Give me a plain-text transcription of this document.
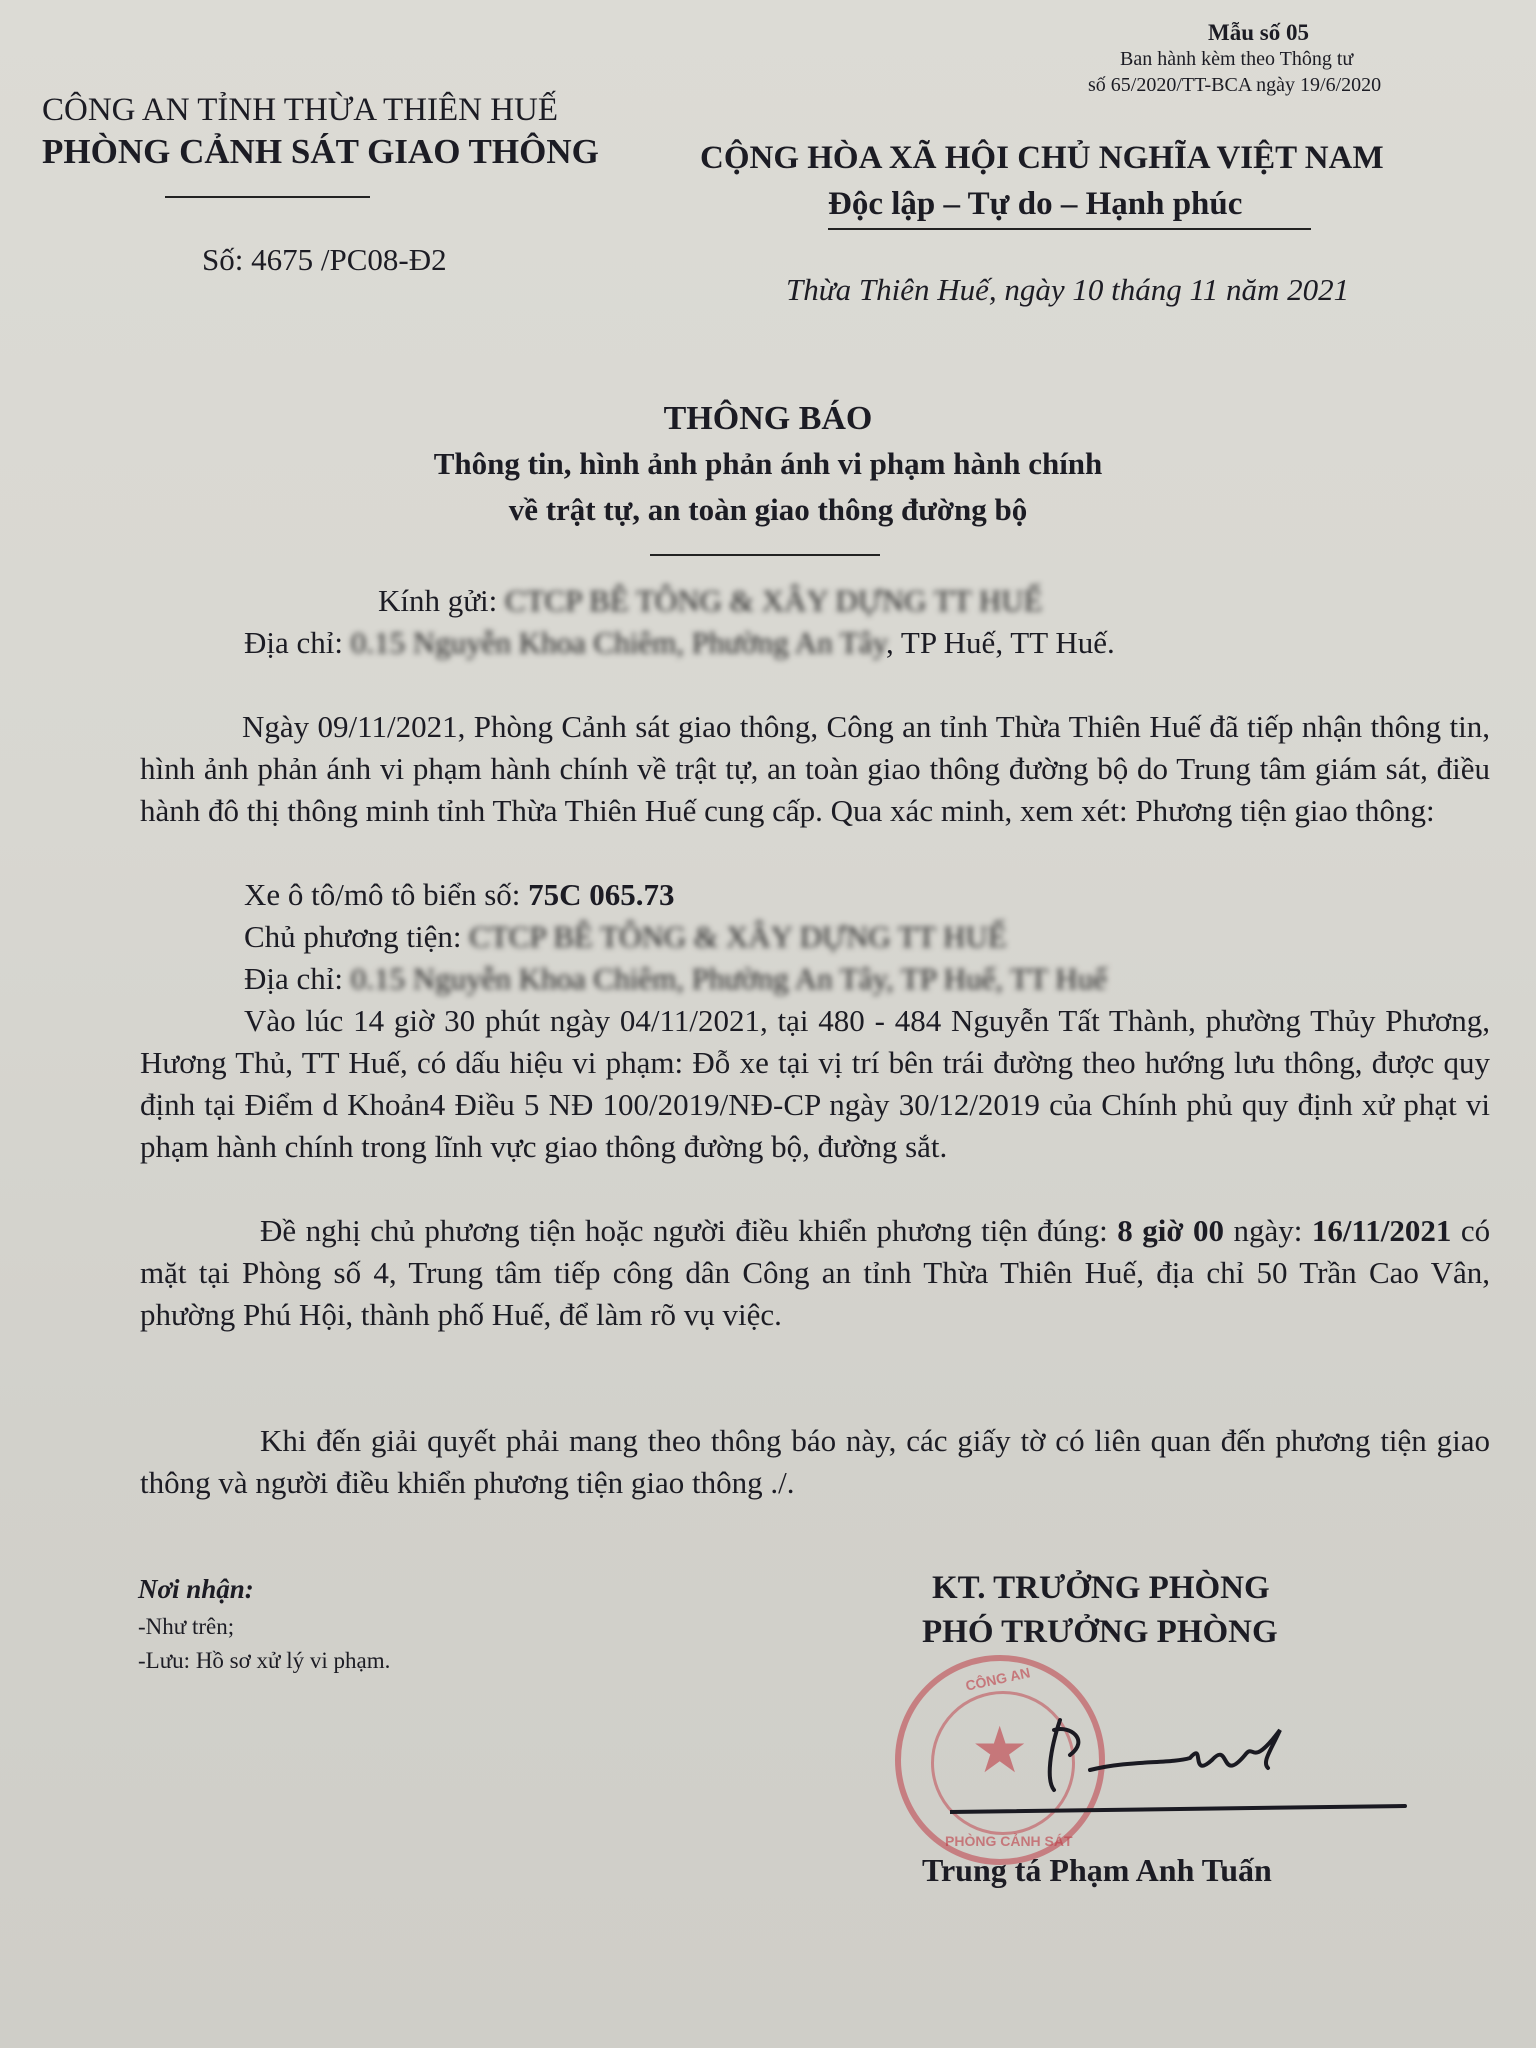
Mẫu số 05
Ban hành kèm theo Thông tư
số 65/2020/TT-BCA ngày 19/6/2020
CÔNG AN TỈNH THỪA THIÊN HUẾ
PHÒNG CẢNH SÁT GIAO THÔNG
Số: 4675 /PC08-Đ2
CỘNG HÒA XÃ HỘI CHỦ NGHĨA VIỆT NAM
Độc lập – Tự do – Hạnh phúc
Thừa Thiên Huế, ngày 10 tháng 11 năm 2021
THÔNG BÁO
Thông tin, hình ảnh phản ánh vi phạm hành chính
về trật tự, an toàn giao thông đường bộ
Kính gửi: CTCP BÊ TÔNG & XÂY DỰNG TT HUẾ
Địa chỉ: 0.15 Nguyễn Khoa Chiêm, Phường An Tây, TP Huế, TT Huế.
Ngày 09/11/2021, Phòng Cảnh sát giao thông, Công an tỉnh Thừa Thiên Huế đã tiếp nhận thông tin, hình ảnh phản ánh vi phạm hành chính về trật tự, an toàn giao thông đường bộ do Trung tâm giám sát, điều hành đô thị thông minh tỉnh Thừa Thiên Huế cung cấp. Qua xác minh, xem xét: Phương tiện giao thông:
Xe ô tô/mô tô biển số: 75C 065.73
Chủ phương tiện: CTCP BÊ TÔNG & XÂY DỰNG TT HUẾ
Địa chỉ: 0.15 Nguyễn Khoa Chiêm, Phường An Tây, TP Huế, TT Huế
Vào lúc 14 giờ 30 phút ngày 04/11/2021, tại 480 - 484 Nguyễn Tất Thành, phường Thủy Phương, Hương Thủ, TT Huế, có dấu hiệu vi phạm: Đỗ xe tại vị trí bên trái đường theo hướng lưu thông, được quy định tại Điểm d Khoản4 Điều 5 NĐ 100/2019/NĐ-CP ngày 30/12/2019 của Chính phủ quy định xử phạt vi phạm hành chính trong lĩnh vực giao thông đường bộ, đường sắt.
Đề nghị chủ phương tiện hoặc người điều khiển phương tiện đúng: 8 giờ 00 ngày: 16/11/2021 có mặt tại Phòng số 4, Trung tâm tiếp công dân Công an tỉnh Thừa Thiên Huế, địa chỉ 50 Trần Cao Vân, phường Phú Hội, thành phố Huế, để làm rõ vụ việc.
Khi đến giải quyết phải mang theo thông báo này, các giấy tờ có liên quan đến phương tiện giao thông và người điều khiển phương tiện giao thông ./.
Nơi nhận:
-Như trên;
-Lưu: Hồ sơ xử lý vi phạm.
KT. TRƯỞNG PHÒNG
PHÓ TRƯỞNG PHÒNG
★
CÔNG AN
PHÒNG CẢNH SÁT
Trung tá Phạm Anh Tuấn
